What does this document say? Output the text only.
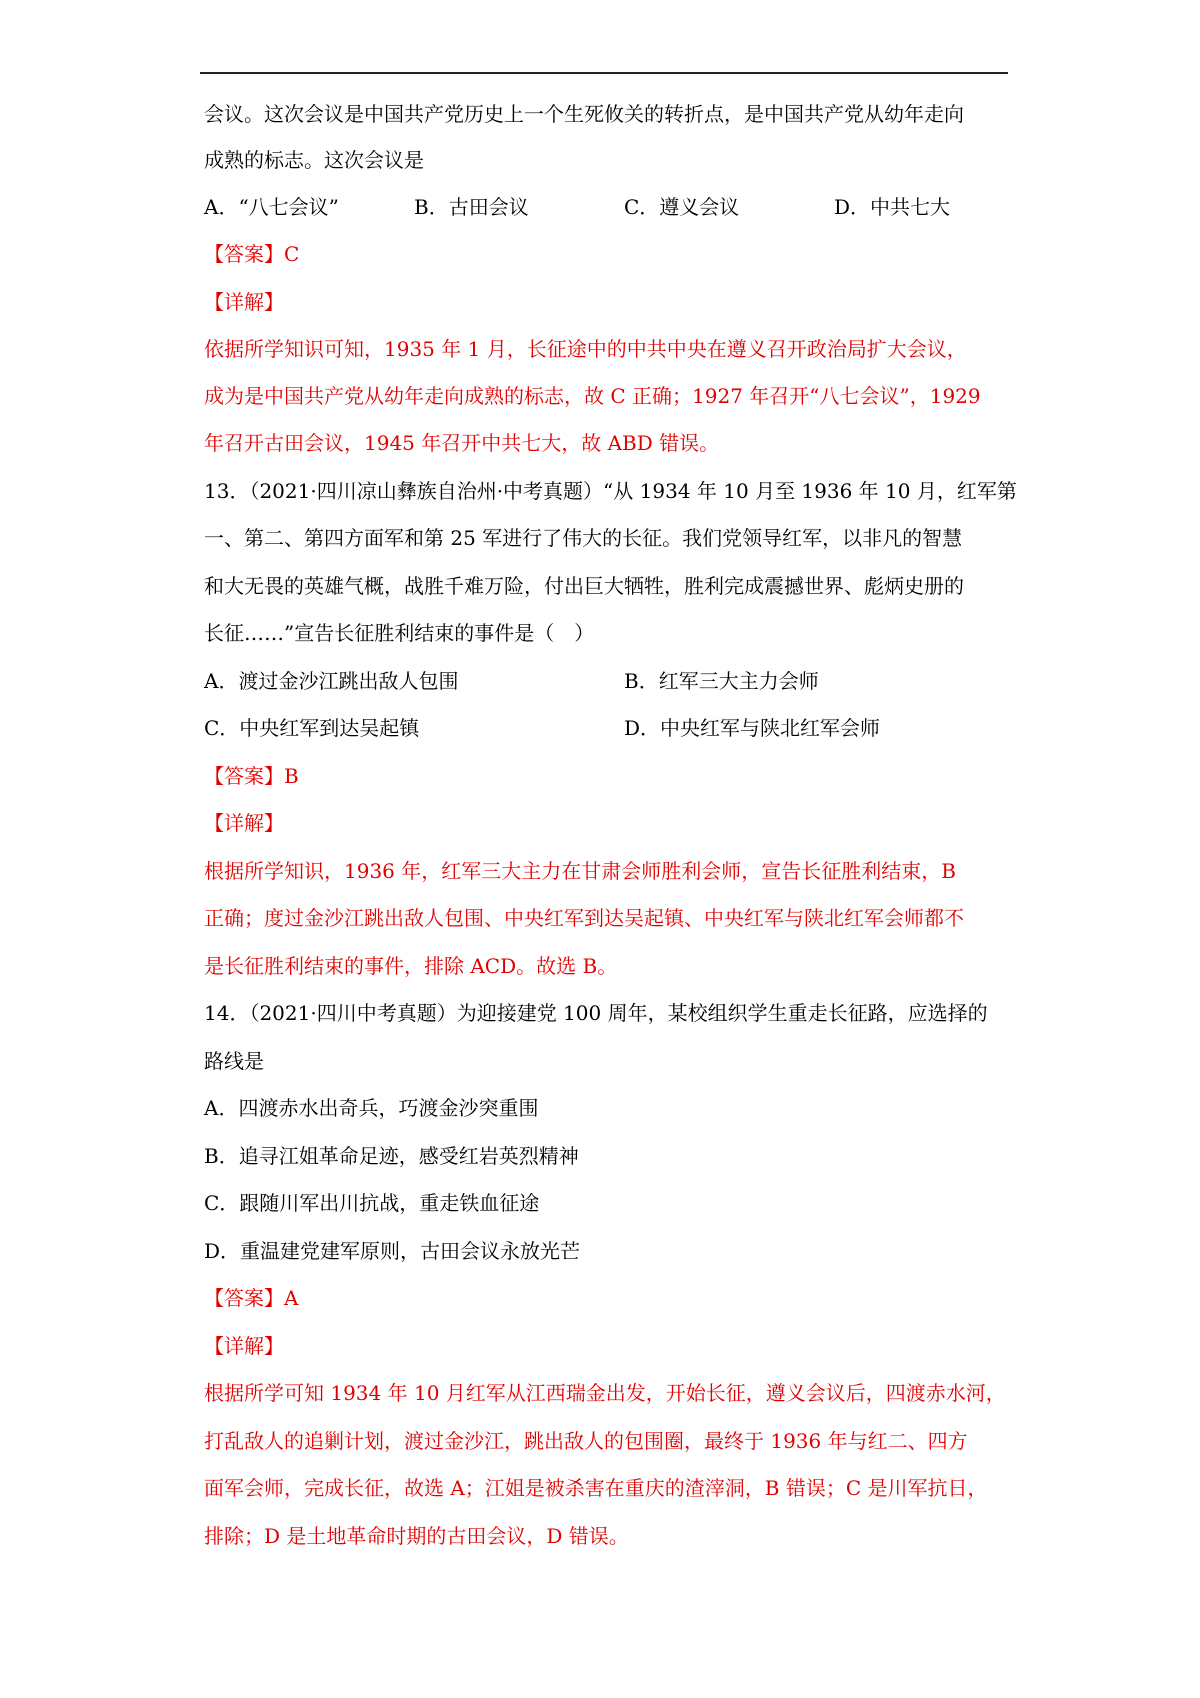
会议。这次会议是中国共产党历史上一个生死攸关的转折点，是中国共产党从幼年走向
成熟的标志。这次会议是
A．“八七会议”	B．古田会议	C．遵义会议	D．中共七大
【答案】C
【详解】
依据所学知识可知，1935 年 1 月，长征途中的中共中央在遵义召开政治局扩大会议，
成为是中国共产党从幼年走向成熟的标志，故 C 正确；1927 年召开“八七会议”，1929
年召开古田会议，1945 年召开中共七大，故 ABD 错误。
13．（2021·四川凉山彝族自治州·中考真题）“从 1934 年 10 月至 1936 年 10 月，红军第
一、第二、第四方面军和第 25 军进行了伟大的长征。我们党领导红军，以非凡的智慧
和大无畏的英雄气概，战胜千难万险，付出巨大牺牲，胜利完成震撼世界、彪炳史册的
长征……”宣告长征胜利结束的事件是（　）
A．渡过金沙江跳出敌人包围	B．红军三大主力会师
C．中央红军到达吴起镇	D．中央红军与陕北红军会师
【答案】B
【详解】
根据所学知识，1936 年，红军三大主力在甘肃会师胜利会师，宣告长征胜利结束，B
正确；度过金沙江跳出敌人包围、中央红军到达吴起镇、中央红军与陕北红军会师都不
是长征胜利结束的事件，排除 ACD。故选 B。
14．（2021·四川中考真题）为迎接建党 100 周年，某校组织学生重走长征路，应选择的
路线是
A．四渡赤水出奇兵，巧渡金沙突重围
B．追寻江姐革命足迹，感受红岩英烈精神
C．跟随川军出川抗战，重走铁血征途
D．重温建党建军原则，古田会议永放光芒
【答案】A
【详解】
根据所学可知 1934 年 10 月红军从江西瑞金出发，开始长征，遵义会议后，四渡赤水河，
打乱敌人的追剿计划，渡过金沙江，跳出敌人的包围圈，最终于 1936 年与红二、四方
面军会师，完成长征，故选 A；江姐是被杀害在重庆的渣滓洞，B 错误；C 是川军抗日，
排除；D 是土地革命时期的古田会议，D 错误。
